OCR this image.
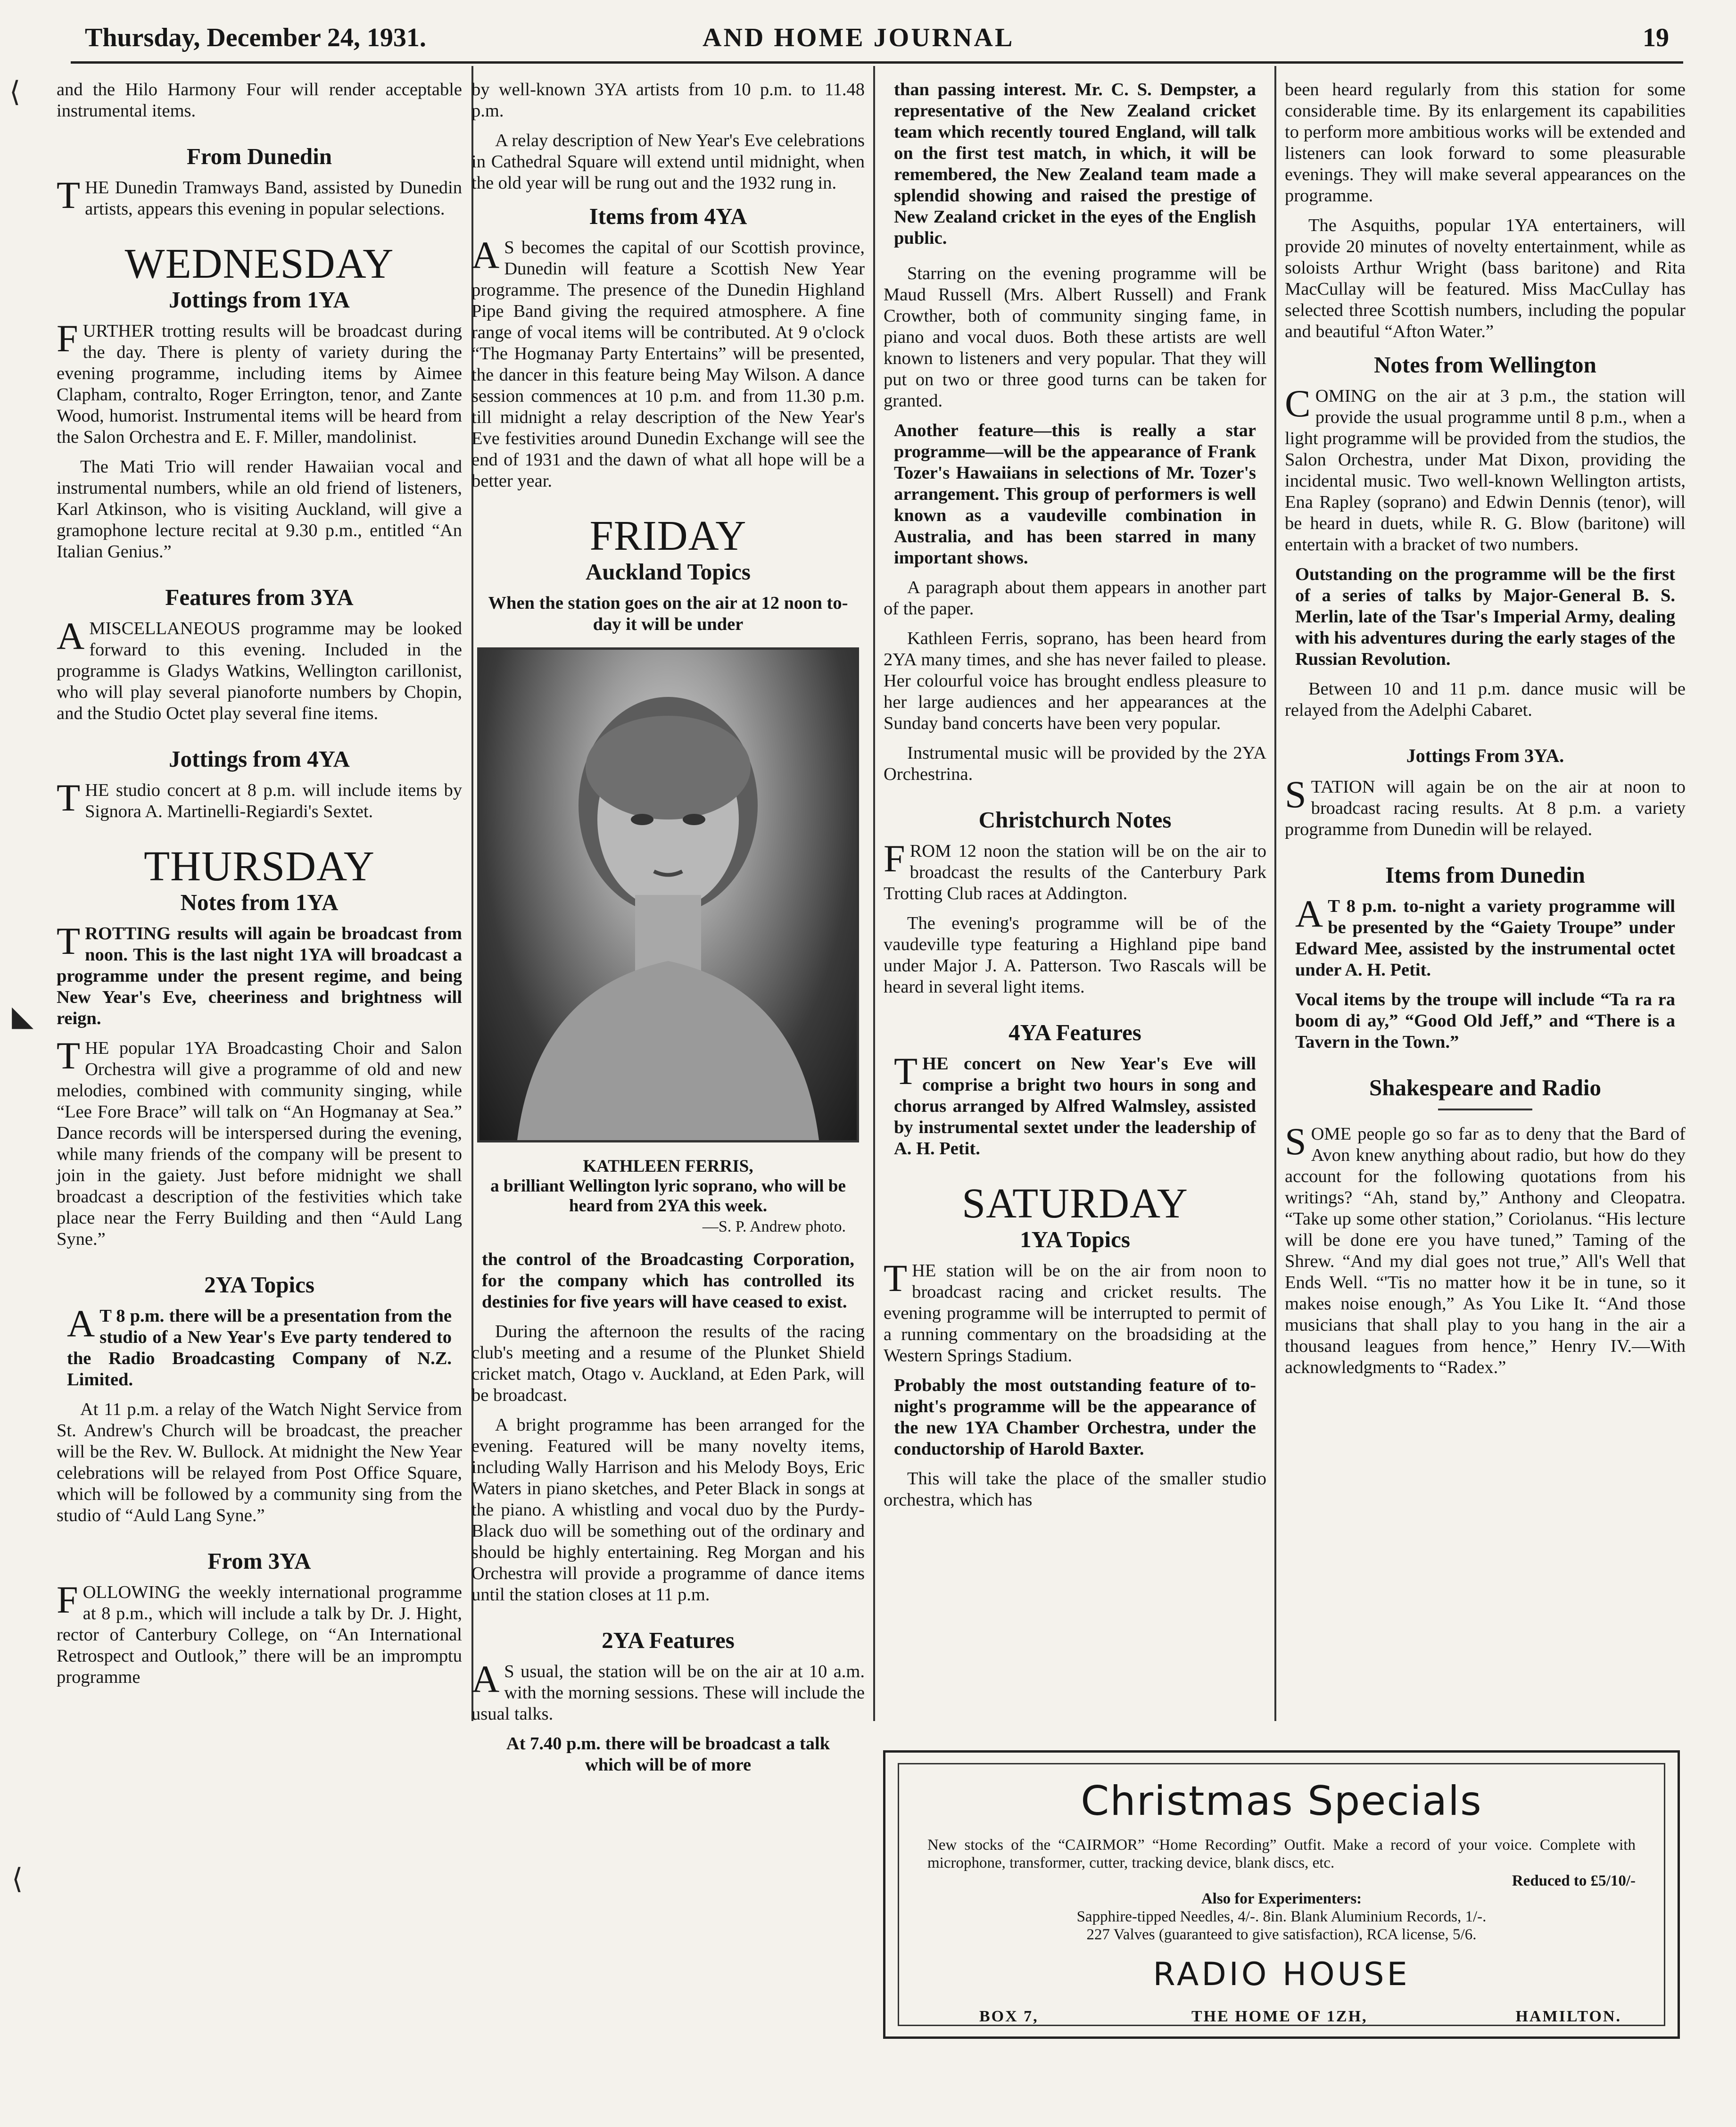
Thursday, December 24, 1931.	AND HOME JOURNAL	19
⟨
◣
⟨

and the Hilo Harmony Four will render acceptable instrumental items.

From Dunedin

THE Dunedin Tramways Band, assisted by Dunedin artists, appears this evening in popular selections.

WEDNESDAY
Jottings from 1YA

FURTHER trotting results will be broadcast during the day. There is plenty of variety during the evening programme, including items by Aimee Clapham, contralto, Roger Errington, tenor, and Zante Wood, humorist. Instrumental items will be heard from the Salon Orchestra and E. F. Miller, mandolinist.

The Mati Trio will render Hawaiian vocal and instrumental numbers, while an old friend of listeners, Karl Atkinson, who is visiting Auckland, will give a gramophone lecture recital at 9.30 p.m., entitled “An Italian Genius.”

Features from 3YA

AMISCELLANEOUS programme may be looked forward to this evening. Included in the programme is Gladys Watkins, Wellington carillonist, who will play several pianoforte numbers by Chopin, and the Studio Octet play several fine items.

Jottings from 4YA

THE studio concert at 8 p.m. will include items by Signora A. Martinelli-Regiardi's Sextet.

THURSDAY
Notes from 1YA

TROTTING results will again be broadcast from noon. This is the last night 1YA will broadcast a programme under the present regime, and being New Year's Eve, cheeriness and brightness will reign.

THE popular 1YA Broadcasting Choir and Salon Orchestra will give a programme of old and new melodies, combined with community singing, while “Lee Fore Brace” will talk on “An Hogmanay at Sea.” Dance records will be interspersed during the evening, while many friends of the company will be present to join in the gaiety. Just before midnight we shall broadcast a description of the festivities which take place near the Ferry Building and then “Auld Lang Syne.”

2YA Topics

AT 8 p.m. there will be a presentation from the studio of a New Year's Eve party tendered to the Radio Broadcasting Company of N.Z. Limited.

At 11 p.m. a relay of the Watch Night Service from St. Andrew's Church will be broadcast, the preacher will be the Rev. W. Bullock. At midnight the New Year celebrations will be relayed from Post Office Square, which will be followed by a community sing from the studio of “Auld Lang Syne.”

From 3YA

FOLLOWING the weekly international programme at 8 p.m., which will include a talk by Dr. J. Hight, rector of Canterbury College, on “An International Retrospect and Outlook,” there will be an impromptu programme

by well-known 3YA artists from 10 p.m. to 11.48 p.m.

A relay description of New Year's Eve celebrations in Cathedral Square will extend until midnight, when the old year will be rung out and the 1932 rung in.

Items from 4YA

AS becomes the capital of our Scottish province, Dunedin will feature a Scottish New Year programme. The presence of the Dunedin Highland Pipe Band giving the required atmosphere. A fine range of vocal items will be contributed. At 9 o'clock “The Hogmanay Party Entertains” will be presented, the dancer in this feature being May Wilson. A dance session commences at 10 p.m. and from 11.30 p.m. till midnight a relay description of the New Year's Eve festivities around Dunedin Exchange will see the end of 1931 and the dawn of what all hope will be a better year.

FRIDAY
Auckland Topics

When the station goes on the air at 12 noon to-day it will be under

KATHLEEN FERRIS,
a brilliant Wellington lyric soprano, who will be heard from 2YA this week.
—S. P. Andrew photo.

the control of the Broadcasting Corporation, for the company which has controlled its destinies for five years will have ceased to exist.

During the afternoon the results of the racing club's meeting and a resume of the Plunket Shield cricket match, Otago v. Auckland, at Eden Park, will be broadcast.

A bright programme has been arranged for the evening. Featured will be many novelty items, including Wally Harrison and his Melody Boys, Eric Waters in piano sketches, and Peter Black in songs at the piano. A whistling and vocal duo by the Purdy-Black duo will be something out of the ordinary and should be highly entertaining. Reg Morgan and his Orchestra will provide a programme of dance items until the station closes at 11 p.m.

2YA Features

AS usual, the station will be on the air at 10 a.m. with the morning sessions. These will include the usual talks.

At 7.40 p.m. there will be broadcast a talk which will be of more

than passing interest. Mr. C. S. Dempster, a representative of the New Zealand cricket team which recently toured England, will talk on the first test match, in which, it will be remembered, the New Zealand team made a splendid showing and raised the prestige of New Zealand cricket in the eyes of the English public.

Starring on the evening programme will be Maud Russell (Mrs. Albert Russell) and Frank Crowther, both of community singing fame, in piano and vocal duos. Both these artists are well known to listeners and very popular. That they will put on two or three good turns can be taken for granted.

Another feature—this is really a star programme—will be the appearance of Frank Tozer's Hawaiians in selections of Mr. Tozer's arrangement. This group of performers is well known as a vaudeville combination in Australia, and has been starred in many important shows.

A paragraph about them appears in another part of the paper.

Kathleen Ferris, soprano, has been heard from 2YA many times, and she has never failed to please. Her colourful voice has brought endless pleasure to her large audiences and her appearances at the Sunday band concerts have been very popular.

Instrumental music will be provided by the 2YA Orchestrina.

Christchurch Notes

FROM 12 noon the station will be on the air to broadcast the results of the Canterbury Park Trotting Club races at Addington.

The evening's programme will be of the vaudeville type featuring a Highland pipe band under Major J. A. Patterson. Two Rascals will be heard in several light items.

4YA Features

THE concert on New Year's Eve will comprise a bright two hours in song and chorus arranged by Alfred Walmsley, assisted by instrumental sextet under the leadership of A. H. Petit.

SATURDAY
1YA Topics

THE station will be on the air from noon to broadcast racing and cricket results. The evening programme will be interrupted to permit of a running commentary on the broadsiding at the Western Springs Stadium.

Probably the most outstanding feature of to-night's programme will be the appearance of the new 1YA Chamber Orchestra, under the conductorship of Harold Baxter.

This will take the place of the smaller studio orchestra, which has

been heard regularly from this station for some considerable time. By its enlargement its capabilities to perform more ambitious works will be extended and listeners can look forward to some pleasurable evenings. They will make several appearances on the programme.

The Asquiths, popular 1YA entertainers, will provide 20 minutes of novelty entertainment, while as soloists Arthur Wright (bass baritone) and Rita MacCullay will be featured. Miss MacCullay has selected three Scottish numbers, including the popular and beautiful “Afton Water.”

Notes from Wellington

COMING on the air at 3 p.m., the station will provide the usual programme until 8 p.m., when a light programme will be provided from the studios, the Salon Orchestra, under Mat Dixon, providing the incidental music. Two well-known Wellington artists, Ena Rapley (soprano) and Edwin Dennis (tenor), will be heard in duets, while R. G. Blow (baritone) will entertain with a bracket of two numbers.

Outstanding on the programme will be the first of a series of talks by Major-General B. S. Merlin, late of the Tsar's Imperial Army, dealing with his adventures during the early stages of the Russian Revolution.

Between 10 and 11 p.m. dance music will be relayed from the Adelphi Cabaret.

Jottings From 3YA.

STATION will again be on the air at noon to broadcast racing results. At 8 p.m. a variety programme from Dunedin will be relayed.

Items from Dunedin

AT 8 p.m. to-night a variety programme will be presented by the “Gaiety Troupe” under Edward Mee, assisted by the instrumental octet under A. H. Petit.

Vocal items by the troupe will include “Ta ra ra boom di ay,” “Good Old Jeff,” and “There is a Tavern in the Town.”

Shakespeare and Radio

SOME people go so far as to deny that the Bard of Avon knew anything about radio, but how do they account for the following quotations from his writings? “Ah, stand by,” Anthony and Cleopatra. “Take up some other station,” Coriolanus. “His lecture will be done ere you have tuned,” Taming of the Shrew. “And my dial goes not true,” All's Well that Ends Well. “'Tis no matter how it be in tune, so it makes noise enough,” As You Like It. “And those musicians that shall play to you hang in the air a thousand leagues from hence,” Henry IV.—With acknowledgments to “Radex.”

Christmas Specials
New stocks of the “CAIRMOR” “Home Recording” Outfit. Make a record of your voice. Complete with microphone, transformer, cutter, tracking device, blank discs, etc.
Reduced to £5/10/-
Also for Experimenters:
Sapphire-tipped Needles, 4/-. 8in. Blank Aluminium Records, 1/-.
227 Valves (guaranteed to give satisfaction), RCA license, 5/6.
RADIO HOUSE
BOX 7,	THE HOME OF 1ZH,	HAMILTON.
